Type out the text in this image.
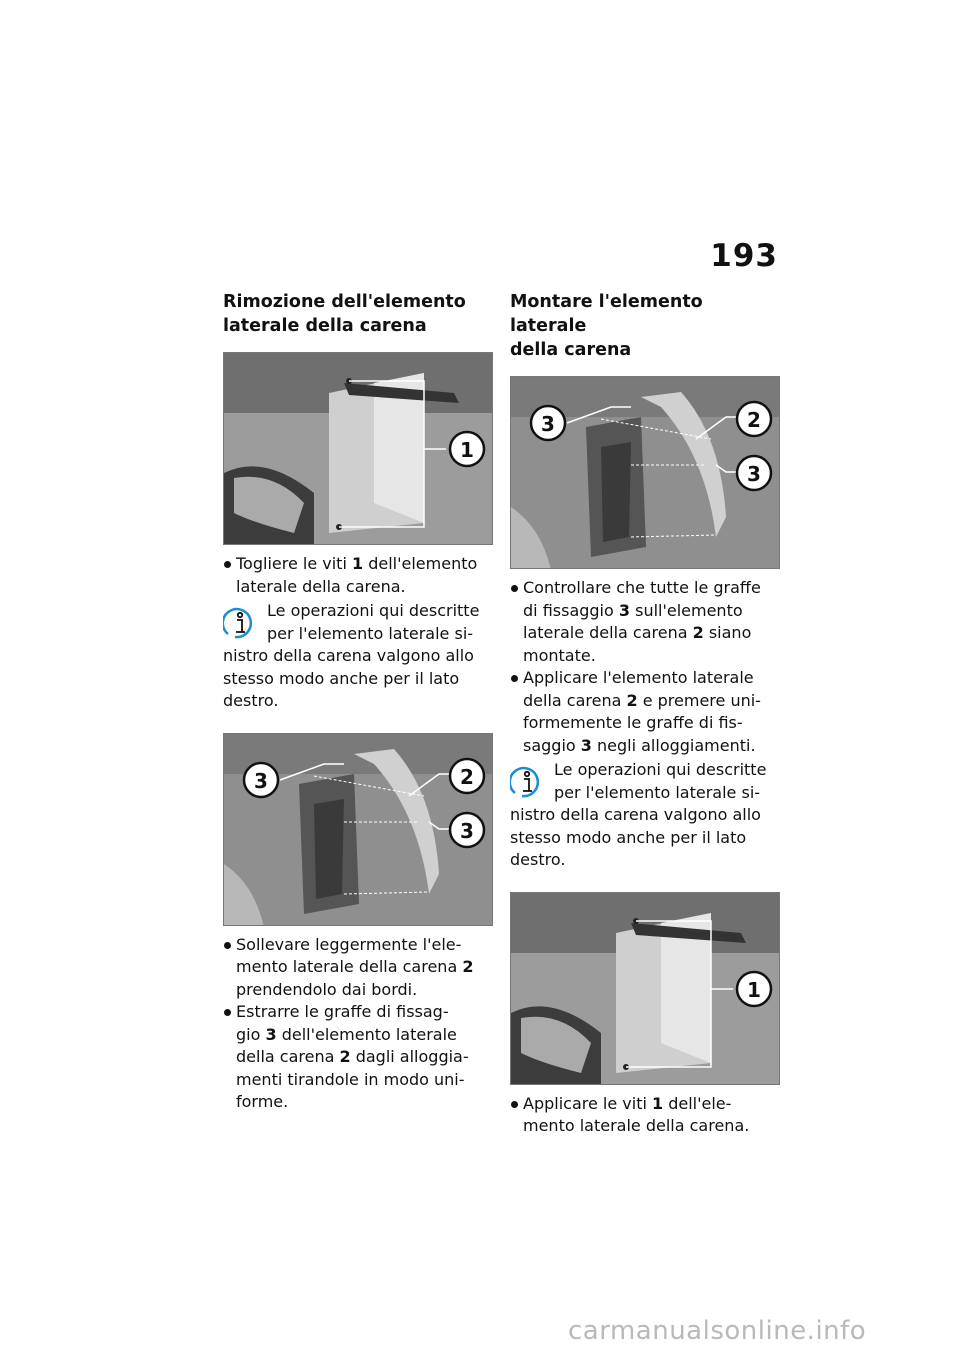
193
Rimozione dell'elemento
laterale della carena
1

Togliere le viti 1 dell'elemento
laterale della carena.

Le operazioni qui descritte
per l'elemento laterale si-
nistro della carena valgono allo
stesso modo anche per il lato
destro.
3	2
3

Sollevare leggermente l'ele-
mento laterale della carena 2
prendendolo dai bordi.

Estrarre le graffe di fissag-
gio 3 dell'elemento laterale
della carena 2 dagli alloggia-
menti tirandole in modo uni-
forme.

Montare l'elemento laterale
della carena
3	2
3

Controllare che tutte le graffe
di fissaggio 3 sull'elemento
laterale della carena 2 siano
montate.

Applicare l'elemento laterale
della carena 2 e premere uni-
formemente le graffe di fis-
saggio 3 negli alloggiamenti.

Le operazioni qui descritte
per l'elemento laterale si-
nistro della carena valgono allo
stesso modo anche per il lato
destro.
1

Applicare le viti 1 dell'ele-
mento laterale della carena.

carmanualsonline.info
